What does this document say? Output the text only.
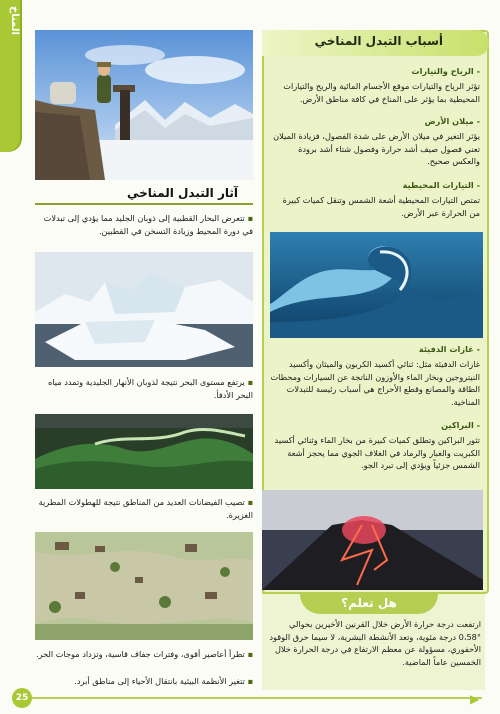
المناخ
آثار التبدل المناخي
▪ تتعرض البحار القطبية إلى ذوبان الجليد مما يؤدي إلى تبدلات في دورة المحيط وزيادة التسخن في القطبين.
▪ يرتفع مستوى البحر نتيجة لذوبان الأنهار الجليدية وتمدد مياه البحر الأدفأ.
▪ تصيب الفيضانات العديد من المناطق نتيجة للهطولات المطرية الغزيرة.
▪ تطرأ أعاصير أقوى، وفترات جفاف قاسية، وتزداد موجات الحر.
▪ تتغير الأنظمة البيئية بانتقال الأحياء إلى مناطق أبرد.
أسباب التبدل المناخي
- الرياح والتيارات
تؤثر الرياح والتيارات موقع الأجسام المائية والريح والتيارات المحيطية بما يؤثر على المناخ في كافة مناطق الأرض.
- ميلان الأرض
يؤثر التغير في ميلان الأرض على شدة الفصول، فزيادة الميلان تعني فصول صيف أشد حرارة وفصول شتاء أشد برودة والعكس صحيح.
- التيارات المحيطية
تمتص التيارات المحيطية أشعة الشمس وتنقل كميات كبيرة من الحرارة عبر الأرض.
- غازات الدفيئة
غازات الدفيئة مثل: ثنائي أكسيد الكربون والميثان وأكسيد النيتروجين وبخار الماء والأوزون الناتجة عن السيارات ومحطات الطاقة والمصانع وقطع الأحراج هي أسباب رئيسة للتبدلات المناخية.
- البراكين
تثور البراكين وتطلق كميات كبيرة من بخار الماء وثنائي أكسيد الكبريت والغبار والرماد في الغلاف الجوي مما يحجز أشعة الشمس جزئياً ويؤدي إلى تبرد الجو.
هل تعلم؟
ارتفعت درجة حرارة الأرض خلال القرنين الأخيرين بحوالي °0،58 درجة مئوية، وتعد الأنشطة البشرية، لا سيما حرق الوقود الأحفوري، مسؤولة عن معظم الارتفاع في درجة الحرارة خلال الخمسين عاماً الماضية.
25	▶
